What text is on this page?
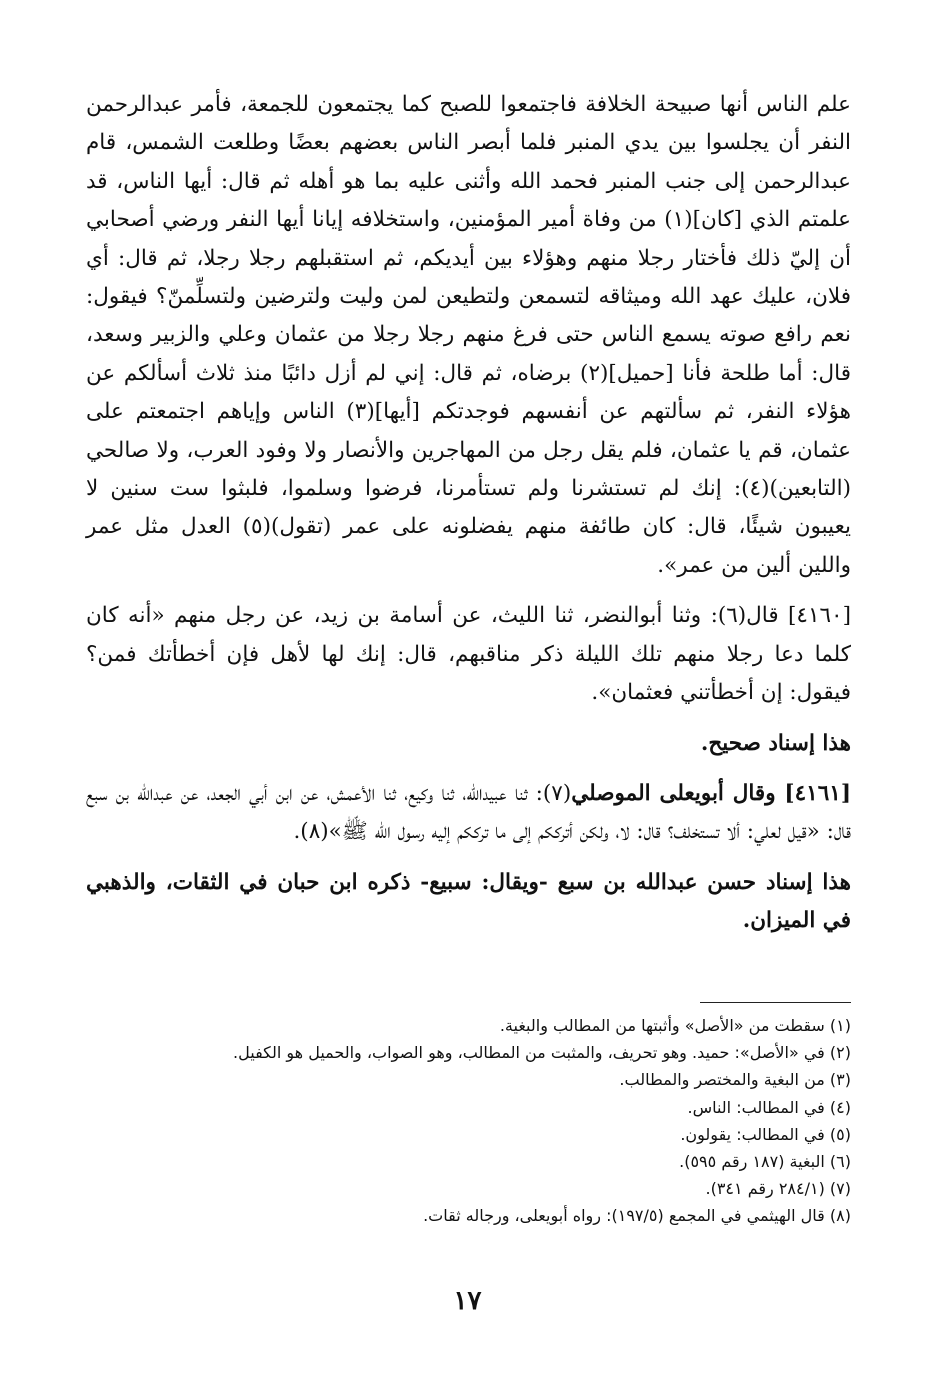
علم الناس أنها صبيحة الخلافة فاجتمعوا للصبح كما يجتمعون للجمعة، فأمر عبدالرحمن النفر أن يجلسوا بين يدي المنبر فلما أبصر الناس بعضهم بعضًا وطلعت الشمس، قام عبدالرحمن إلى جنب المنبر فحمد الله وأثنى عليه بما هو أهله ثم قال: أيها الناس، قد علمتم الذي [كان](١) من وفاة أمير المؤمنين، واستخلافه إيانا أيها النفر ورضي أصحابي أن إليّ ذلك فأختار رجلا منهم وهؤلاء بين أيديكم، ثم استقبلهم رجلا رجلا، ثم قال: أي فلان، عليك عهد الله وميثاقه لتسمعن ولتطيعن لمن وليت ولترضين ولتسلِّمنّ؟ فيقول: نعم رافع صوته يسمع الناس حتى فرغ منهم رجلا رجلا من عثمان وعلي والزبير وسعد، قال: أما طلحة فأنا [حميل](٢) برضاه، ثم قال: إني لم أزل دائبًا منذ ثلاث أسألكم عن هؤلاء النفر، ثم سألتهم عن أنفسهم فوجدتكم [أيها](٣) الناس وإياهم اجتمعتم على عثمان، قم يا عثمان، فلم يقل رجل من المهاجرين والأنصار ولا وفود العرب، ولا صالحي (التابعين)(٤): إنك لم تستشرنا ولم تستأمرنا، فرضوا وسلموا، فلبثوا ست سنين لا يعيبون شيئًا، قال: كان طائفة منهم يفضلونه على عمر (تقول)(٥) العدل مثل عمر واللين ألين من عمر».

[٤١٦٠] قال(٦): وثنا أبوالنضر، ثنا الليث، عن أسامة بن زيد، عن رجل منهم «أنه كان كلما دعا رجلا منهم تلك الليلة ذكر مناقبهم، قال: إنك لها لأهل فإن أخطأتك فمن؟ فيقول: إن أخطأتني فعثمان».

هذا إسناد صحيح.

[٤١٦١] وقال أبويعلى الموصلي(٧): ثنا عبيدالله، ثنا وكيع، ثنا الأعمش، عن ابن أبي الجعد، عن عبدالله بن سبع قال: «قيل لعلي: ألا تستخلف؟ قال: لا، ولكن أترككم إلى ما ترككم إليه رسول الله ﷺ»(٨).

هذا إسناد حسن عبدالله بن سبع -ويقال: سبيع- ذكره ابن حبان في الثقات، والذهبي في الميزان.

(١) سقطت من «الأصل» وأثبتها من المطالب والبغية.

(٢) في «الأصل»: حميد. وهو تحريف، والمثبت من المطالب، وهو الصواب، والحميل هو الكفيل.

(٣) من البغية والمختصر والمطالب.

(٤) في المطالب: الناس.

(٥) في المطالب: يقولون.

(٦) البغية (١٨٧ رقم ٥٩٥).

(٧) (٢٨٤/١ رقم ٣٤١).

(٨) قال الهيثمي في المجمع (١٩٧/٥): رواه أبويعلى، ورجاله ثقات.

١٧
